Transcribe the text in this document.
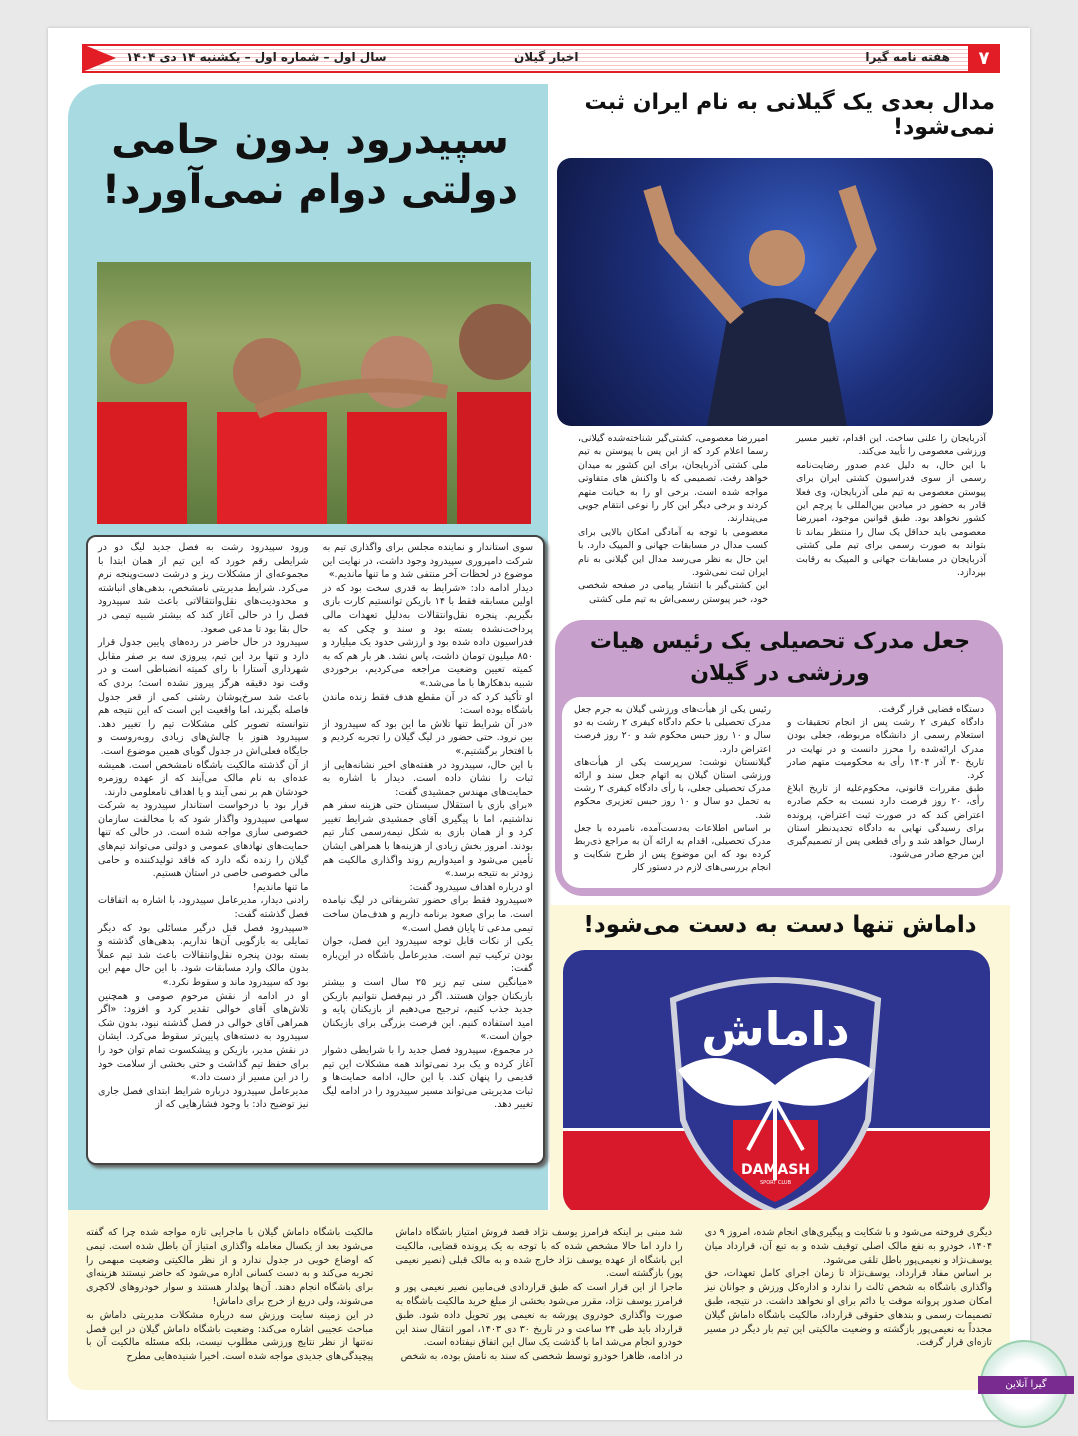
۷
هفته نامه گیرا
اخبار گیلان
سال اول – شماره اول – یکشنبه ۱۴ دی ۱۴۰۴
سپیدرود بدون حامی
دولتی دوام نمی‌آورد!

ورود سپیدرود رشت به فصل جدید لیگ دو در شرایطی رقم خورد که این تیم از همان ابتدا با مجموعه‌ای از مشکلات ریز و درشت دست‌وپنجه نرم می‌کرد. شرایط مدیریتی نامشخص، بدهی‌های انباشته و محدودیت‌های نقل‌وانتقالاتی باعث شد سپیدرود فصل را در حالی آغاز کند که بیشتر شبیه تیمی در حال بقا بود تا مدعی صعود.

سپیدرود در حال حاضر در رده‌های پایین جدول قرار دارد و تنها برد این تیم، پیروزی سه بر صفر مقابل شهرداری آستارا با رای کمیته انضباطی است و در وقت نود دقیقه هرگز پیروز نشده است؛ بردی که باعث شد سرخ‌پوشان رشتی کمی از قعر جدول فاصله بگیرند، اما واقعیت این است که این نتیجه هم نتوانسته تصویر کلی مشکلات تیم را تغییر دهد. سپیدرود هنوز با چالش‌های زیادی روبه‌روست و جایگاه فعلی‌اش در جدول گویای همین موضوع است.

از آن گذشته مالکیت باشگاه نامشخص است. همیشه عده‌ای به نام مالک می‌آیند که از عهده روزمره خودشان هم بر نمی آیند و یا اهداف نامعلومی دارند.

قرار بود با درخواست استاندار سپیدرود به شرکت سهامی سپیدرود واگذار شود که با مخالفت سازمان خصوصی سازی مواجه شده است. در حالی که تنها حمایت‌های نهادهای عمومی و دولتی می‌تواند تیم‌های گیلان را زنده نگه دارد که فاقد تولیدکننده و حامی مالی خصوصی خاصی در استان هستیم.

ما تنها ماندیم!

رادنی دیدار، مدیرعامل سپیدرود، با اشاره به اتفاقات فصل گذشته گفت:

«سپیدرود فصل قبل درگیر مسائلی بود که دیگر تمایلی به بازگویی آن‌ها نداریم. بدهی‌های گذشته و بسته بودن پنجره نقل‌وانتقالات باعث شد تیم عملاً بدون مالک وارد مسابقات شود. با این حال مهم این بود که سپیدرود ماند و سقوط نکرد.»

او در ادامه از نقش مرحوم صومی و همچنین تلاش‌های آقای خوالی تقدیر کرد و افزود: «اگر همراهی آقای خوالی در فصل گذشته نبود، بدون شک سپیدرود به دسته‌های پایین‌تر سقوط می‌کرد. ایشان در نقش مدیر، بازیکن و پیشکسوت تمام توان خود را برای حفظ تیم گذاشت و حتی بخشی از سلامت خود را در این مسیر از دست داد.»

مدیرعامل سپیدرود درباره شرایط ابتدای فصل جاری نیز توضیح داد: با وجود فشارهایی که از

سوی استاندار و نماینده مجلس برای واگذاری تیم به شرکت دامپروری سپیدرود وجود داشت، در نهایت این موضوع در لحظات آخر منتفی شد و ما تنها ماندیم.»

دیدار ادامه داد: «شرایط به قدری سخت بود که در اولین مسابقه فقط با ۱۴ بازیکن توانستیم کارت بازی بگیریم. پنجره نقل‌وانتقالات به‌دلیل تعهدات مالی پرداخت‌نشده بسته بود و سند و چکی که به فدراسیون داده شده بود و ارزشی حدود یک میلیارد و ۸۵۰ میلیون تومان داشت، پاس نشد. هر بار هم که به کمیته تعیین وضعیت مراجعه می‌کردیم، برخوردی شبیه بدهکارها با ما می‌شد.»

او تأکید کرد که در آن مقطع هدف فقط زنده ماندن باشگاه بوده است:

«در آن شرایط تنها تلاش ما این بود که سپیدرود از بین نرود. حتی حضور در لیگ گیلان را تجربه کردیم و با افتخار برگشتیم.»

با این حال، سپیدرود در هفته‌های اخیر نشانه‌هایی از ثبات را نشان داده است. دیدار با اشاره به حمایت‌های مهندس جمشیدی گفت:

«برای بازی با استقلال سیستان حتی هزینه سفر هم نداشتیم، اما با پیگیری آقای جمشیدی شرایط تغییر کرد و از همان بازی به شکل نیمه‌رسمی کنار تیم بودند. امروز بخش زیادی از هزینه‌ها با همراهی ایشان تأمین می‌شود و امیدواریم روند واگذاری مالکیت هم زودتر به نتیجه برسد.»

او درباره اهداف سپیدرود گفت:

«سپیدرود فقط برای حضور تشریفاتی در لیگ نیامده است. ما برای صعود برنامه داریم و هدف‌مان ساخت تیمی مدعی تا پایان فصل است.»

یکی از نکات قابل توجه سپیدرود این فصل، جوان بودن ترکیب تیم است. مدیرعامل باشگاه در این‌باره گفت:

«میانگین سنی تیم زیر ۲۵ سال است و بیشتر بازیکنان جوان هستند. اگر در نیم‌فصل نتوانیم بازیکن جدید جذب کنیم، ترجیح می‌دهیم از بازیکنان پایه و امید استفاده کنیم. این فرصت بزرگی برای بازیکنان جوان است.»

در مجموع، سپیدرود فصل جدید را با شرایطی دشوار آغاز کرده و یک برد نمی‌تواند همه مشکلات این تیم قدیمی را پنهان کند. با این حال، ادامه حمایت‌ها و ثبات مدیریتی می‌تواند مسیر سپیدرود را در ادامه لیگ تغییر دهد.

مدال بعدی یک گیلانی به نام ایران ثبت نمی‌شود!

امیررضا معصومی، کشتی‌گیر شناخته‌شده گیلانی، رسما اعلام کرد که از این پس با پیوستن به تیم ملی کشتی آذربایجان، برای این کشور به میدان خواهد رفت. تصمیمی که با واکنش های متفاوتی مواجه شده است. برخی او را به خیانت متهم کردند و برخی دیگر این کار را نوعی انتقام جویی می‌پندارند.

معصومی با توجه به آمادگی امکان بالایی برای کسب مدال در مسابقات جهانی و المپیک دارد. با این حال به نظر می‌رسد مدال این گیلانی به نام ایران ثبت نمی‌شود.

این کشتی‌گیر با انتشار پیامی در صفحه شخصی خود، خبر پیوستن رسمی‌اش به تیم ملی کشتی

آذربایجان را علنی ساخت. این اقدام، تغییر مسیر ورزشی معصومی را تأیید می‌کند.

با این حال، به دلیل عدم صدور رضایت‌نامه رسمی از سوی فدراسیون کشتی ایران برای پیوستن معصومی به تیم ملی آذربایجان، وی فعلا قادر به حضور در میادین بین‌المللی با پرچم این کشور نخواهد بود. طبق قوانین موجود، امیررضا معصومی باید حداقل یک سال را منتظر بماند تا بتواند به صورت رسمی برای تیم ملی کشتی آذربایجان در مسابقات جهانی و المپیک به رقابت بپردازد.

جعل مدرک تحصیلی یک رئیس هیات
ورزشی در گیلان

رئیس یکی از هیأت‌های ورزشی گیلان به جرم جعل مدرک تحصیلی با حکم دادگاه کیفری ۲ رشت به دو سال و ۱۰ روز حبس محکوم شد و ۲۰ روز فرصت اعتراض دارد.

گیلانستان نوشت: سرپرست یکی از هیأت‌های ورزشی استان گیلان به اتهام جعل سند و ارائه مدرک تحصیلی جعلی، با رأی دادگاه کیفری ۲ رشت به تحمل دو سال و ۱۰ روز حبس تعزیری محکوم شد.

بر اساس اطلاعات به‌دست‌آمده، نامبرده با جعل مدرک تحصیلی، اقدام به ارائه آن به مراجع ذی‌ربط کرده بود که این موضوع پس از طرح شکایت و انجام بررسی‌های لازم در دستور کار

دستگاه قضایی قرار گرفت.

دادگاه کیفری ۲ رشت پس از انجام تحقیقات و استعلام رسمی از دانشگاه مربوطه، جعلی بودن مدرک ارائه‌شده را محرز دانست و در نهایت در تاریخ ۳۰ آذر ۱۴۰۴ رأی به محکومیت متهم صادر کرد.

طبق مقررات قانونی، محکوم‌علیه از تاریخ ابلاغ رأی، ۲۰ روز فرصت دارد نسبت به حکم صادره اعتراض کند که در صورت ثبت اعتراض، پرونده برای رسیدگی نهایی به دادگاه تجدیدنظر استان ارسال خواهد شد و رأی قطعی پس از تصمیم‌گیری این مرجع صادر می‌شود.

داماش تنها دست به دست می‌شود!
داماش
DAMASH
SPORT CLUB

مالکیت باشگاه داماش گیلان با ماجرایی تازه مواجه شده چرا که گفته می‌شود بعد از یکسال معامله واگذاری امتیاز آن باطل شده است. تیمی که اوضاع خوبی در جدول ندارد و از نظر مالکیتی وضعیت مبهمی را تجربه می‌کند و به دست کسانی اداره می‌شود که حاضر نیستند هزینه‌ای برای باشگاه انجام دهند. آن‌ها پولدار هستند و سوار خودروهای لاکچری می‌شوند، ولی دریغ از خرج برای داماش!

در این زمینه سایت ورزش سه درباره مشکلات مدیریتی داماش به مباحث عجیبی اشاره می‌کند: وضعیت باشگاه داماش گیلان در این فصل نه‌تنها از نظر نتایج ورزشی مطلوب نیست، بلکه مسئله مالکیت آن با پیچیدگی‌های جدیدی مواجه شده است. اخیرا شنیده‌هایی مطرح

شد مبنی بر اینکه فرامرز یوسف نژاد قصد فروش امتیاز باشگاه داماش را دارد اما حالا مشخص شده که با توجه به یک پرونده قضایی، مالکیت این باشگاه از عهده یوسف نژاد خارج شده و به مالک قبلی (نصیر نعیمی پور) بازگشته است.

ماجرا از این قرار است که طبق قراردادی فی‌مابین نصیر نعیمی پور و فرامرز یوسف نژاد، مقرر می‌شود بخشی از مبلغ خرید مالکیت باشگاه به صورت واگذاری خودروی پورشه به نعیمی پور تحویل داده شود. طبق قرارداد باید طی ۲۴ ساعت و در تاریخ ۳۰ دی ۱۴۰۳، امور انتقال سند این خودرو انجام می‌شد اما با گذشت یک سال این اتفاق نیفتاده است.

در ادامه، ظاهرا خودرو توسط شخصی که سند به نامش بوده، به شخص

دیگری فروخته می‌شود و با شکایت و پیگیری‌های انجام شده، امروز ۹ دی ۱۴۰۴، خودرو به نفع مالک اصلی توقیف شده و به تبع آن، قرارداد میان یوسف‌نژاد و نعیمی‌پور باطل تلقی می‌شود.

بر اساس مفاد قرارداد، یوسف‌نژاد تا زمان اجرای کامل تعهدات، حق واگذاری باشگاه به شخص ثالث را ندارد و اداره‌کل ورزش و جوانان نیز امکان صدور پروانه موقت یا دائم برای او نخواهد داشت. در نتیجه، طبق تصمیمات رسمی و بندهای حقوقی قرارداد، مالکیت باشگاه داماش گیلان مجدداً به نعیمی‌پور بازگشته و وضعیت مالکیتی این تیم بار دیگر در مسیر تازه‌ای قرار گرفت.

گیرا آنلاین
